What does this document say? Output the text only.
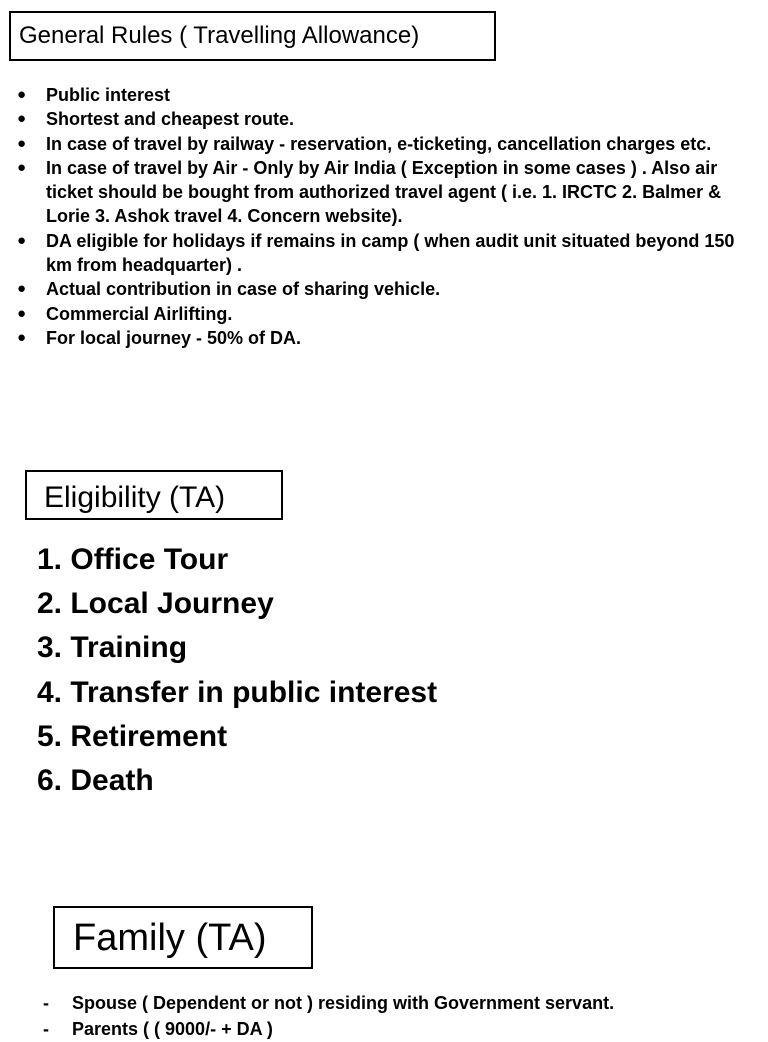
General Rules ( Travelling Allowance)
● Public interest
● Shortest and cheapest route.
● In case of travel by railway - reservation, e-ticketing, cancellation charges etc.
● In case of travel by Air - Only by Air India ( Exception in some cases ) . Also air ticket should be bought from authorized travel agent ( i.e. 1. IRCTC 2. Balmer & Lorie 3. Ashok travel 4. Concern website).
● DA eligible for holidays if remains in camp ( when audit unit situated beyond 150 km from headquarter) .
● Actual contribution in case of sharing vehicle.
● Commercial Airlifting.
● For local journey - 50% of DA.
Eligibility (TA)
1. Office Tour
2. Local Journey
3. Training
4. Transfer in public interest
5. Retirement
6. Death
Family (TA)
- Spouse ( Dependent or not ) residing with Government servant.
- Parents ( ( 9000/- + DA )
